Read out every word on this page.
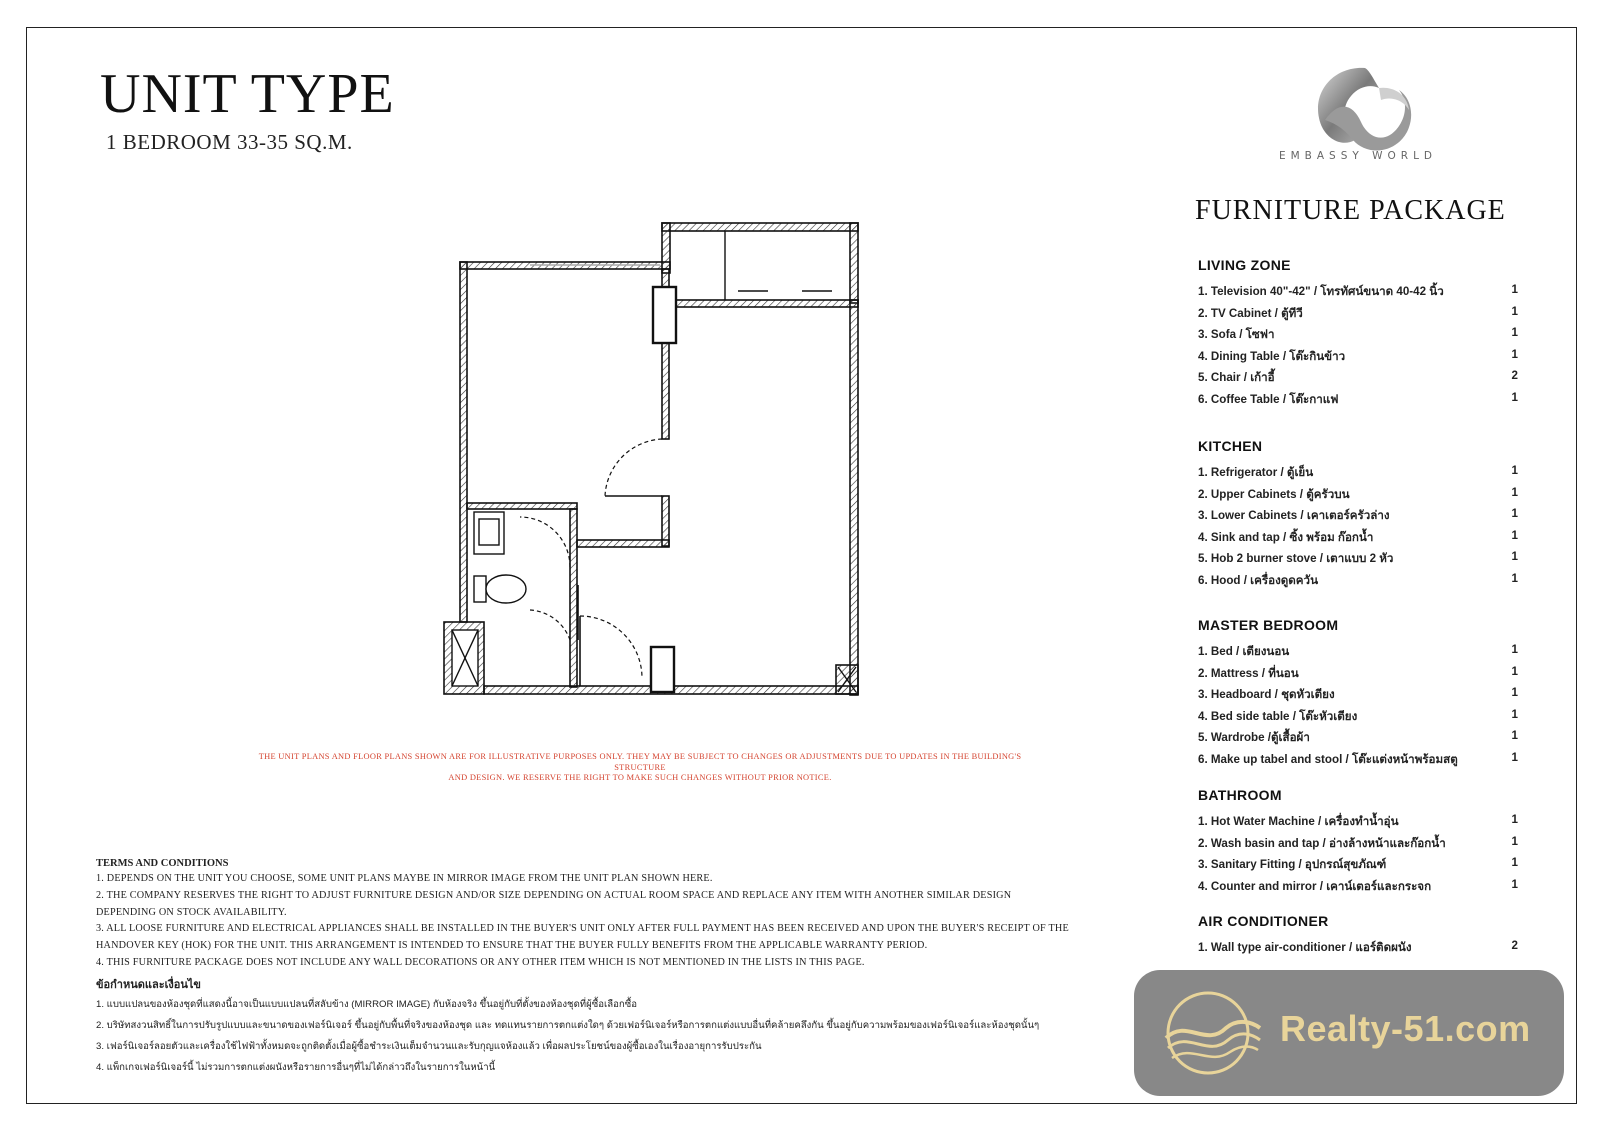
UNIT TYPE
1 BEDROOM 33-35 SQ.M.
EMBASSY WORLD
FURNITURE PACKAGE
LIVING ZONE
1. Television 40"-42" / โทรทัศน์ขนาด 40-42 นิ้ว	1
2. TV Cabinet / ตู้ทีวี	1
3. Sofa / โซฟา	1
4. Dining Table / โต๊ะกินข้าว	1
5. Chair / เก้าอี้	2
6. Coffee Table / โต๊ะกาแฟ	1
KITCHEN
1. Refrigerator / ตู้เย็น	1
2. Upper Cabinets / ตู้ครัวบน	1
3. Lower Cabinets / เคาเตอร์ครัวล่าง	1
4. Sink and tap / ซิ้ง พร้อม ก๊อกน้ำ	1
5. Hob 2 burner stove / เตาแบบ 2 หัว	1
6. Hood / เครื่องดูดควัน	1
MASTER BEDROOM
1. Bed / เตียงนอน	1
2. Mattress / ที่นอน	1
3. Headboard / ชุดหัวเตียง	1
4. Bed side table / โต๊ะหัวเตียง	1
5. Wardrobe /ตู้เสื้อผ้า	1
6. Make up tabel and stool / โต๊ะแต่งหน้าพร้อมสตู	1
BATHROOM
1. Hot Water Machine / เครื่องทำน้ำอุ่น	1
2. Wash basin and tap / อ่างล้างหน้าและก๊อกน้ำ	1
3. Sanitary Fitting / อุปกรณ์สุขภัณฑ์	1
4. Counter and mirror / เคาน์เตอร์และกระจก	1
AIR CONDITIONER
1. Wall type air-conditioner / แอร์ติดผนัง	2
THE UNIT PLANS AND FLOOR PLANS SHOWN ARE FOR ILLUSTRATIVE PURPOSES ONLY. THEY MAY BE SUBJECT TO CHANGES OR ADJUSTMENTS DUE TO UPDATES IN THE BUILDING'S STRUCTURE
AND DESIGN. WE RESERVE THE RIGHT TO MAKE SUCH CHANGES WITHOUT PRIOR NOTICE.
TERMS AND CONDITIONS
1. DEPENDS ON THE UNIT YOU CHOOSE, SOME UNIT PLANS MAYBE IN MIRROR IMAGE FROM THE UNIT PLAN SHOWN HERE.
2. THE COMPANY RESERVES THE RIGHT TO ADJUST FURNITURE DESIGN AND/OR SIZE DEPENDING ON ACTUAL ROOM SPACE AND REPLACE ANY ITEM WITH ANOTHER SIMILAR DESIGN
DEPENDING ON STOCK AVAILABILITY.
3. ALL LOOSE FURNITURE AND ELECTRICAL APPLIANCES SHALL BE INSTALLED IN THE BUYER'S UNIT ONLY AFTER FULL PAYMENT HAS BEEN RECEIVED AND UPON THE BUYER'S RECEIPT OF THE
HANDOVER KEY (HOK) FOR THE UNIT. THIS ARRANGEMENT IS INTENDED TO ENSURE THAT THE BUYER FULLY BENEFITS FROM THE APPLICABLE WARRANTY PERIOD.
4. THIS FURNITURE PACKAGE DOES NOT INCLUDE ANY WALL DECORATIONS OR ANY OTHER ITEM WHICH IS NOT MENTIONED IN THE LISTS IN THIS PAGE.
ข้อกำหนดและเงื่อนไข
1. แบบแปลนของห้องชุดที่แสดงนี้อาจเป็นแบบแปลนที่สลับข้าง (MIRROR IMAGE) กับห้องจริง ขึ้นอยู่กับที่ตั้งของห้องชุดที่ผู้ซื้อเลือกซื้อ
2. บริษัทสงวนสิทธิ์ในการปรับรูปแบบและขนาดของเฟอร์นิเจอร์ ขึ้นอยู่กับพื้นที่จริงของห้องชุด และ ทดแทนรายการตกแต่งใดๆ ด้วยเฟอร์นิเจอร์หรือการตกแต่งแบบอื่นที่คล้ายคลึงกัน ขึ้นอยู่กับความพร้อมของเฟอร์นิเจอร์และห้องชุดนั้นๆ
3. เฟอร์นิเจอร์ลอยตัวและเครื่องใช้ไฟฟ้าทั้งหมดจะถูกติดตั้งเมื่อผู้ซื้อชำระเงินเต็มจำนวนและรับกุญแจห้องแล้ว เพื่อผลประโยชน์ของผู้ซื้อเองในเรื่องอายุการรับประกัน
4. แพ็กเกจเฟอร์นิเจอร์นี้ ไม่รวมการตกแต่งผนังหรือรายการอื่นๆที่ไม่ได้กล่าวถึงในรายการในหน้านี้
Realty-51.com
